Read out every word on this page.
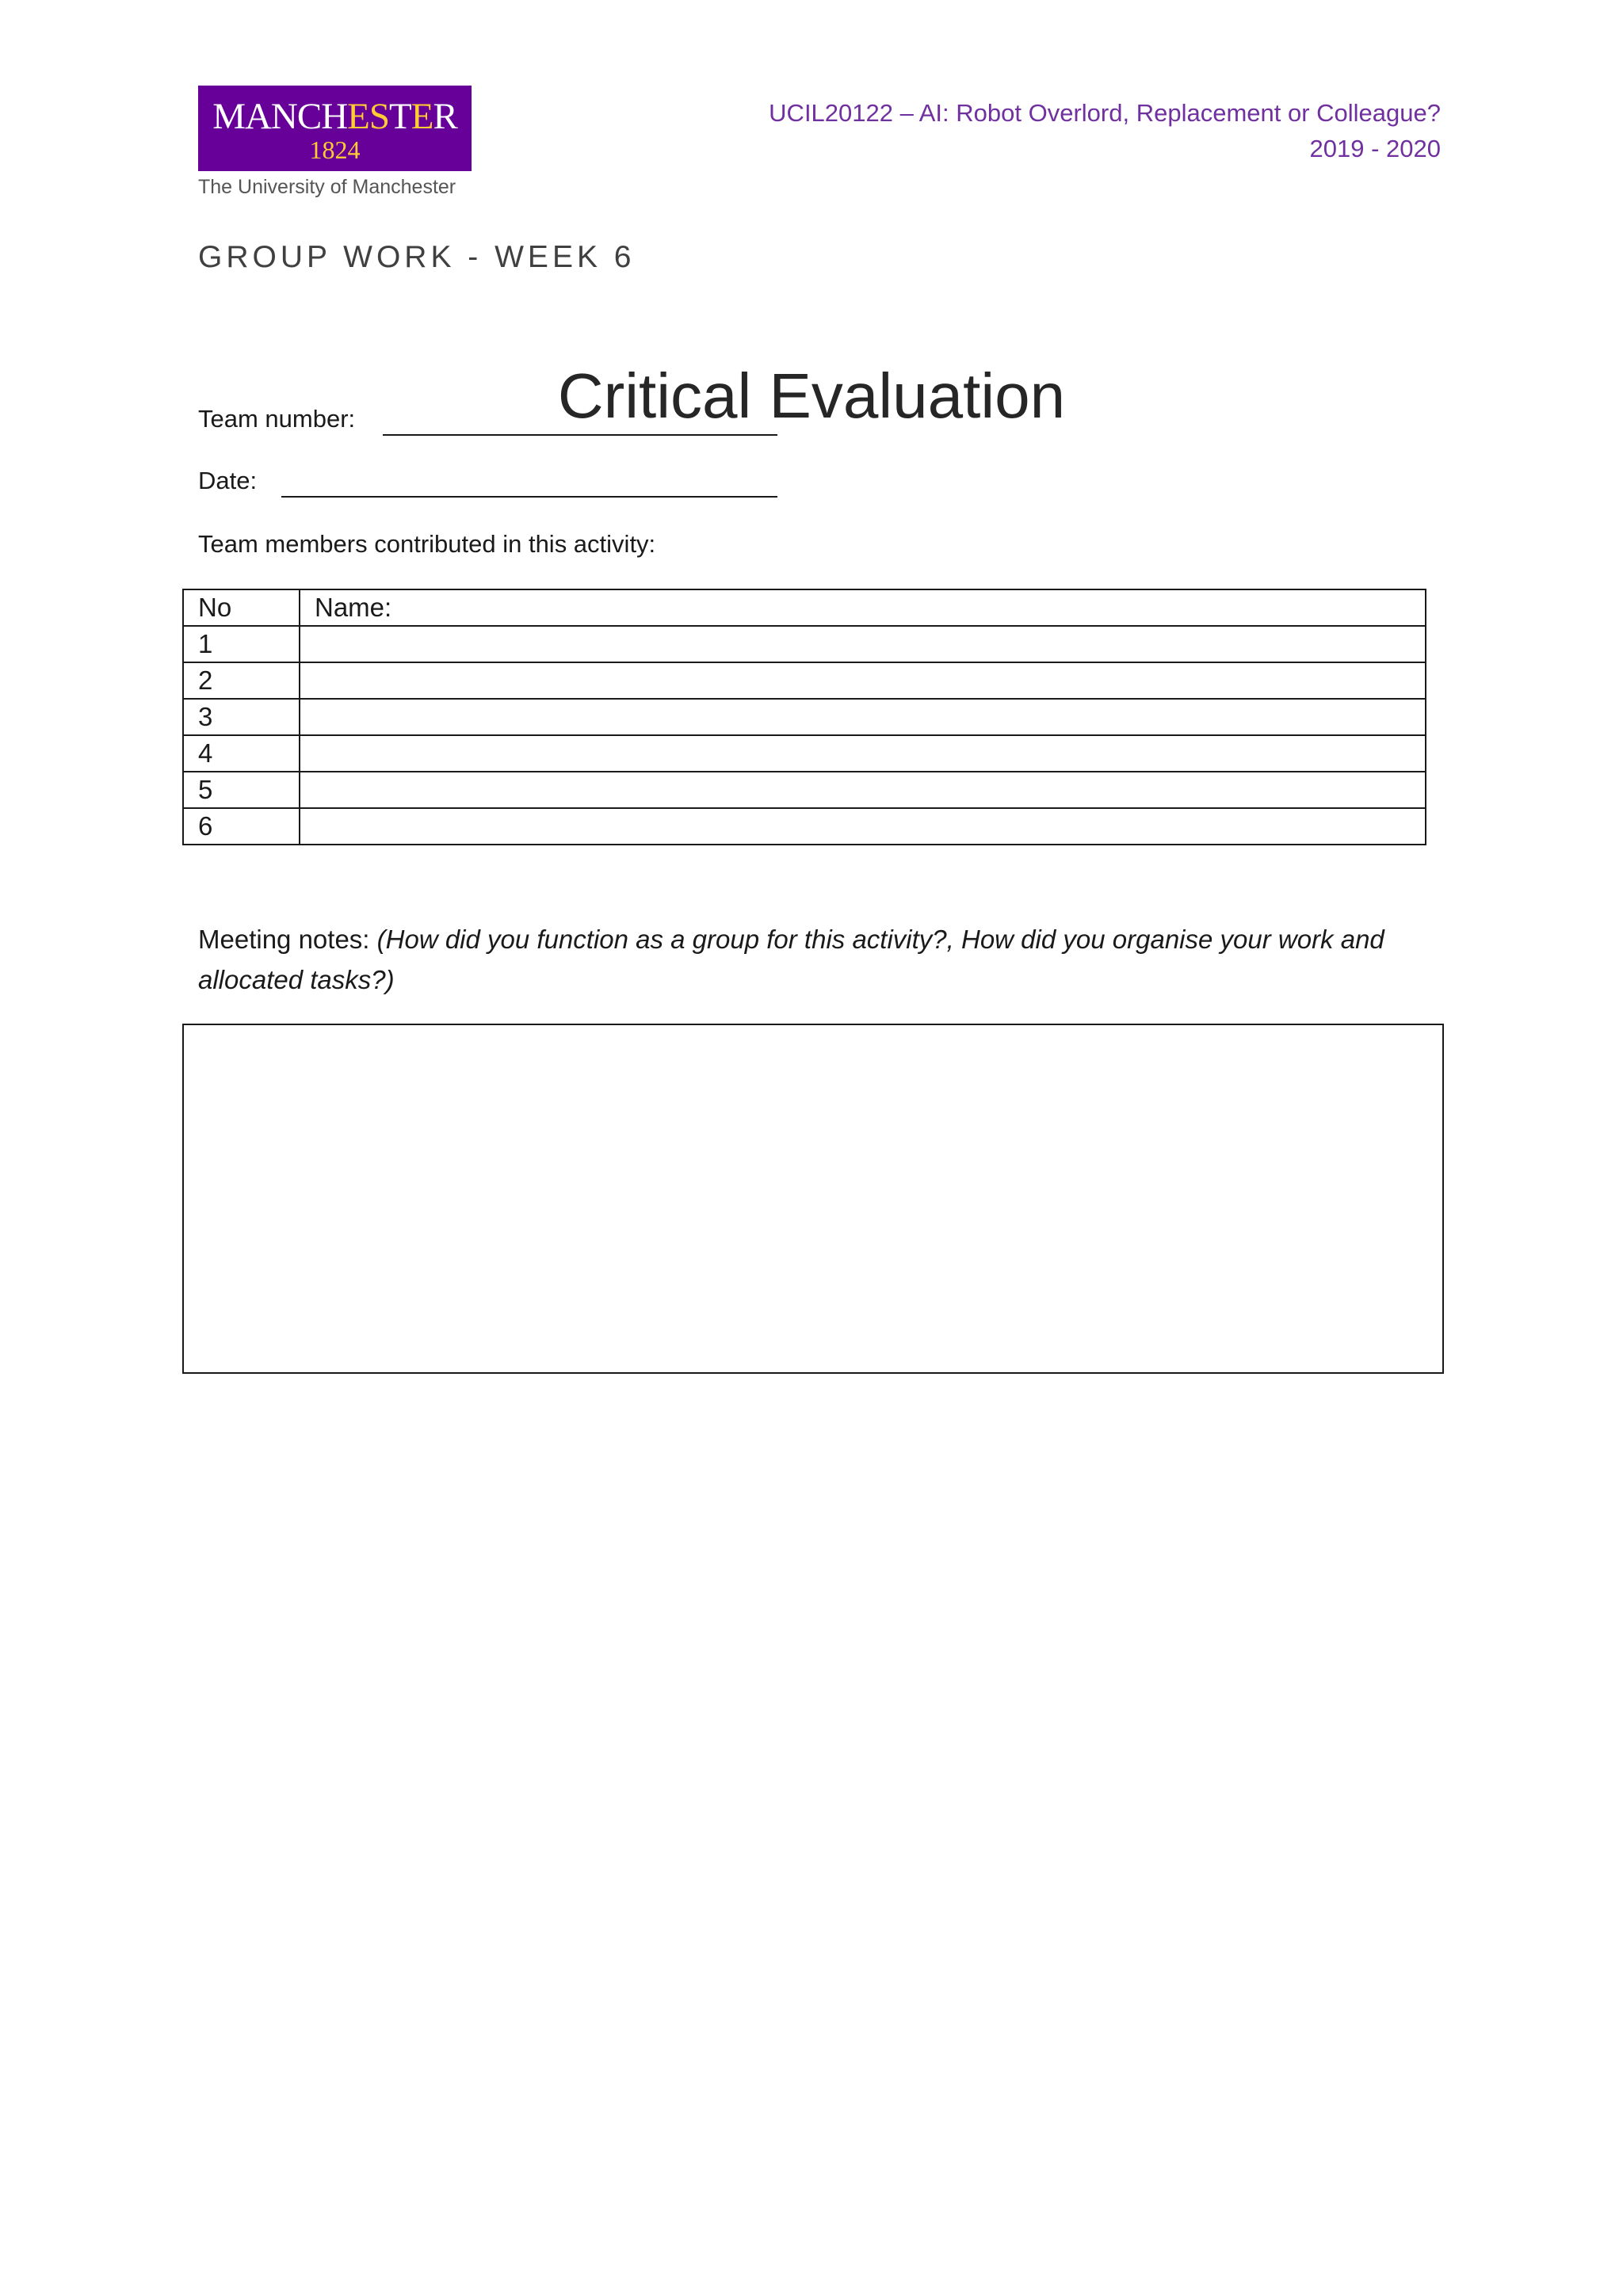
MANCHESTER
1824
The University of Manchester
UCIL20122 – AI: Robot Overlord, Replacement or Colleague?
2019 - 2020
GROUP WORK - WEEK 6
Critical Evaluation
Team number:
Date:
Team members contributed in this activity:
No	Name:
1	
2	
3	
4	
5	
6	
Meeting notes: (How did you function as a group for this activity?, How did you organise your work and allocated tasks?)
